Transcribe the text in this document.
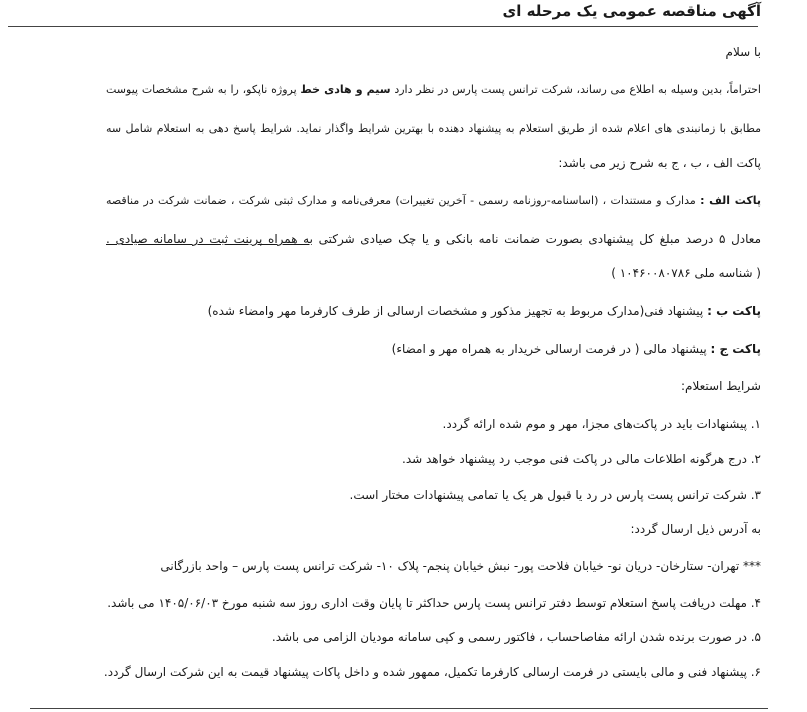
آگهی مناقصه عمومی یک مرحله ای
با سلام
احتراماً، بدین وسیله به اطلاع می رساند، شرکت ترانس پست پارس در نظر دارد سیم و هادی خط پروژه ناپکو، را به شرح مشخصات پیوست
مطابق با زمانبندی های اعلام شده از طریق استعلام به پیشنهاد دهنده با بهترین شرایط واگذار نماید. شرایط پاسخ دهی به استعلام شامل سه
پاکت الف ، ب ، ج به شرح زیر می باشد:
پاکت الف : مدارک و مستندات ، (اساسنامه-روزنامه رسمی - آخرین تغییرات) معرفی‌نامه و مدارک ثبتی شرکت ، ضمانت شرکت در مناقصه
معادل ۵ درصد مبلغ کل پیشنهادی بصورت ضمانت نامه بانکی و یا چک صیادی شرکتی به همراه پرینت ثبت در سامانه صیادی .
( شناسه ملی ۱۰۴۶۰۰۸۰۷۸۶ )
پاکت ب : پیشنهاد فنی(مدارک مربوط به تجهیز مذکور و مشخصات ارسالی از طرف کارفرما مهر وامضاء شده)
پاکت ج : پیشنهاد مالی ( در فرمت ارسالی خریدار به همراه مهر و امضاء)
شرایط استعلام:
۱. پیشنهادات باید در پاکت‌های مجزا، مهر و موم شده ارائه گردد.
۲. درج هرگونه اطلاعات مالی در پاکت فنی موجب رد پیشنهاد خواهد شد.
۳. شرکت ترانس پست پارس در رد یا قبول هر یک یا تمامی پیشنهادات مختار است.
به آدرس ذیل ارسال گردد:
*** تهران- ستارخان- دریان نو- خیابان فلاحت پور- نبش خیابان پنجم- پلاک ۱۰- شرکت ترانس پست پارس – واحد بازرگانی
۴. مهلت دریافت پاسخ استعلام توسط دفتر ترانس پست پارس حداکثر تا پایان وقت اداری روز سه شنبه مورخ ۱۴۰۵/۰۶/۰۳ می باشد.
۵. در صورت برنده شدن ارائه مفاصاحساب ، فاکتور رسمی و کپی سامانه مودیان الزامی می باشد.
۶. پیشنهاد فنی و مالی بایستی در فرمت ارسالی کارفرما تکمیل، ممهور شده و داخل پاکات پیشنهاد قیمت به این شرکت ارسال گردد.
